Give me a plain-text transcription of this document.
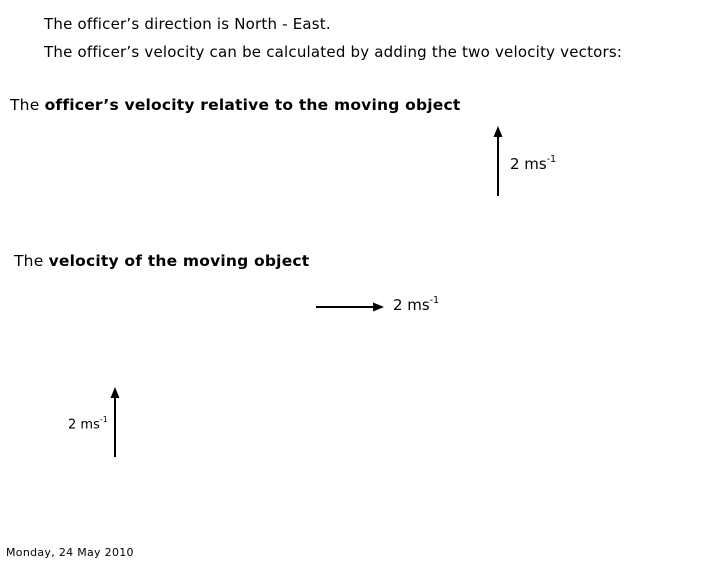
The officer’s direction is North - East.
The officer’s velocity can be calculated by adding the two velocity vectors:
The officer’s velocity relative to the moving object
2 $ms^{-1}$
The velocity of the moving object
2 $ms^{-1}$
2 $ms^{-1}$
Monday, 24 May 2010
